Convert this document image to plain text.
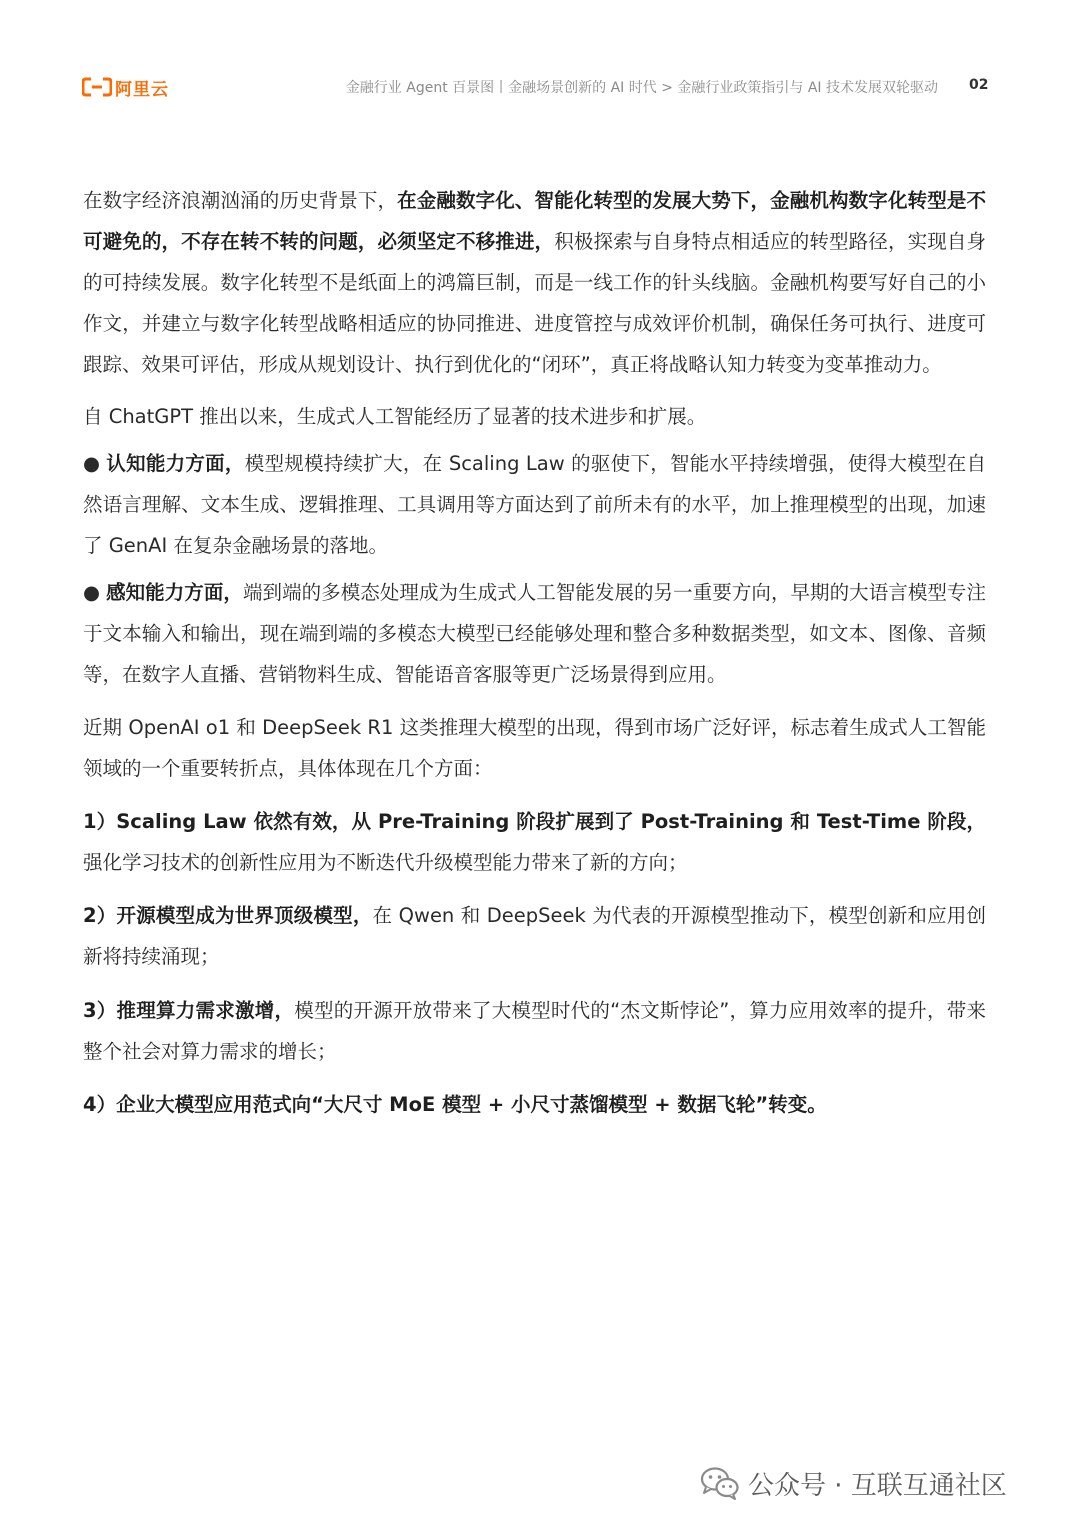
阿里云	金融行业 Agent 百景图丨金融场景创新的 AI 时代 > 金融行业政策指引与 AI 技术发展双轮驱动 02

在数字经济浪潮汹涌的历史背景下，在金融数字化、智能化转型的发展大势下，金融机构数字化转型是不可避免的，不存在转不转的问题，必须坚定不移推进，积极探索与自身特点相适应的转型路径，实现自身的可持续发展。数字化转型不是纸面上的鸿篇巨制，而是一线工作的针头线脑。金融机构要写好自己的小作文，并建立与数字化转型战略相适应的协同推进、进度管控与成效评价机制，确保任务可执行、进度可跟踪、效果可评估，形成从规划设计、执行到优化的“闭环”，真正将战略认知力转变为变革推动力。

自 ChatGPT 推出以来，生成式人工智能经历了显著的技术进步和扩展。

● 认知能力方面，模型规模持续扩大，在 Scaling Law 的驱使下，智能水平持续增强，使得大模型在自然语言理解、文本生成、逻辑推理、工具调用等方面达到了前所未有的水平，加上推理模型的出现，加速了 GenAI 在复杂金融场景的落地。

● 感知能力方面，端到端的多模态处理成为生成式人工智能发展的另一重要方向，早期的大语言模型专注于文本输入和输出，现在端到端的多模态大模型已经能够处理和整合多种数据类型，如文本、图像、音频等，在数字人直播、营销物料生成、智能语音客服等更广泛场景得到应用。

近期 OpenAI o1 和 DeepSeek R1 这类推理大模型的出现，得到市场广泛好评，标志着生成式人工智能领域的一个重要转折点，具体体现在几个方面：

1）Scaling Law 依然有效，从 Pre-Training 阶段扩展到了 Post-Training 和 Test-Time 阶段，强化学习技术的创新性应用为不断迭代升级模型能力带来了新的方向；

2）开源模型成为世界顶级模型，在 Qwen 和 DeepSeek 为代表的开源模型推动下，模型创新和应用创新将持续涌现；

3）推理算力需求激增，模型的开源开放带来了大模型时代的“杰文斯悖论”，算力应用效率的提升，带来整个社会对算力需求的增长；

4）企业大模型应用范式向“大尺寸 MoE 模型 + 小尺寸蒸馏模型 + 数据飞轮”转变。

公众号 · 互联互通社区
